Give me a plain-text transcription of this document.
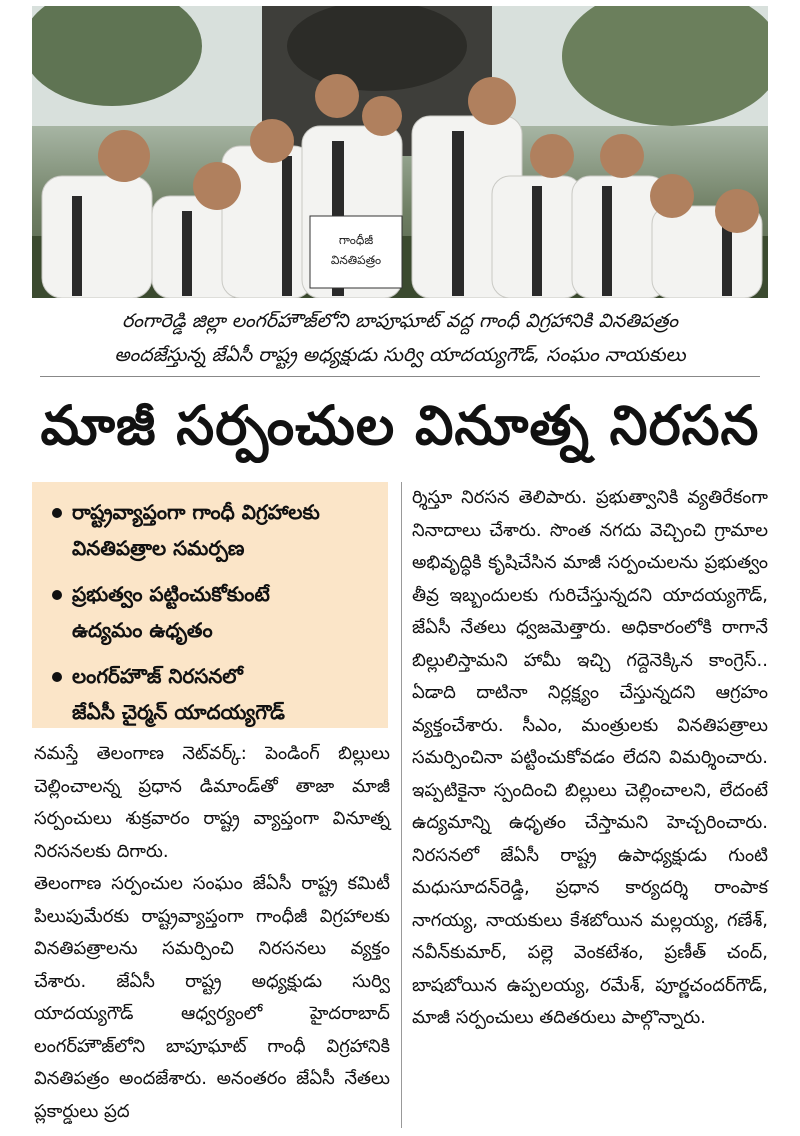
గాంధీజీ
వినతిపత్రం
రంగారెడ్డి జిల్లా లంగర్‌హౌజ్‌లోని బాపూఘాట్ వద్ద గాంధీ విగ్రహానికి వినతిపత్రం
అందజేస్తున్న జేఏసీ రాష్ట్ర అధ్యక్షుడు సుర్వి యాదయ్యగౌడ్, సంఘం నాయకులు
మాజీ సర్పంచుల వినూత్న నిరసన
రాష్ట్రవ్యాప్తంగా గాంధీ విగ్రహాలకు
వినతిపత్రాల సమర్పణ
ప్రభుత్వం పట్టించుకోకుంటే
ఉద్యమం ఉధృతం
లంగర్‌హౌజ్ నిరసనలో
జేఏసీ చైర్మన్ యాదయ్యగౌడ్
నమస్తే తెలంగాణ నెట్‌వర్క్: పెండింగ్ బిల్లులు చెల్లించాలన్న ప్రధాన డిమాండ్‌తో తాజా మాజీ సర్పంచులు శుక్రవారం రాష్ట్ర వ్యాప్తంగా వినూత్న నిరసనలకు దిగారు.
తెలంగాణ సర్పంచుల సంఘం జేఏసీ రాష్ట్ర కమిటీ పిలుపుమేరకు రాష్ట్రవ్యాప్తంగా గాంధీజీ విగ్రహాలకు వినతిపత్రాలను సమర్పించి నిరసనలు వ్యక్తం చేశారు. జేఏసీ రాష్ట్ర అధ్యక్షుడు సుర్వి యాదయ్యగౌడ్ ఆధ్వర్యంలో హైదరాబాద్ లంగర్‌హౌజ్‌లోని బాపూఘాట్ గాంధీ విగ్రహానికి వినతిపత్రం అందజేశారు. అనంతరం జేఏసీ నేతలు ప్లకార్డులు ప్రద
ర్శిస్తూ నిరసన తెలిపారు. ప్రభుత్వానికి వ్యతిరేకంగా నినాదాలు చేశారు. సొంత నగదు వెచ్చించి గ్రామాల అభివృద్ధికి కృషిచేసిన మాజీ సర్పంచులను ప్రభుత్వం తీవ్ర ఇబ్బందులకు గురిచేస్తున్నదని యాదయ్యగౌడ్, జేఏసీ నేతలు ధ్వజమెత్తారు. అధికారంలోకి రాగానే బిల్లులిస్తామని హామీ ఇచ్చి గద్దెనెక్కిన కాంగ్రెస్.. ఏడాది దాటినా నిర్లక్ష్యం చేస్తున్నదని ఆగ్రహం వ్యక్తంచేశారు. సీఎం, మంత్రులకు వినతిపత్రాలు సమర్పించినా పట్టించుకోవడం లేదని విమర్శించారు. ఇప్పటికైనా స్పందించి బిల్లులు చెల్లించాలని, లేదంటే ఉద్యమాన్ని ఉధృతం చేస్తామని హెచ్చరించారు. నిరసనలో జేఏసీ రాష్ట్ర ఉపాధ్యక్షుడు గుంటి మధుసూదన్‌రెడ్డి, ప్రధాన కార్యదర్శి రాంపాక నాగయ్య, నాయకులు కేశబోయిన మల్లయ్య, గణేశ్, నవీన్‌కుమార్, పల్లె వెంకటేశం, ప్రణీత్ చంద్, బాషబోయిన ఉప్పలయ్య, రమేశ్, పూర్ణచందర్‌గౌడ్, మాజీ సర్పంచులు తదితరులు పాల్గొన్నారు.
